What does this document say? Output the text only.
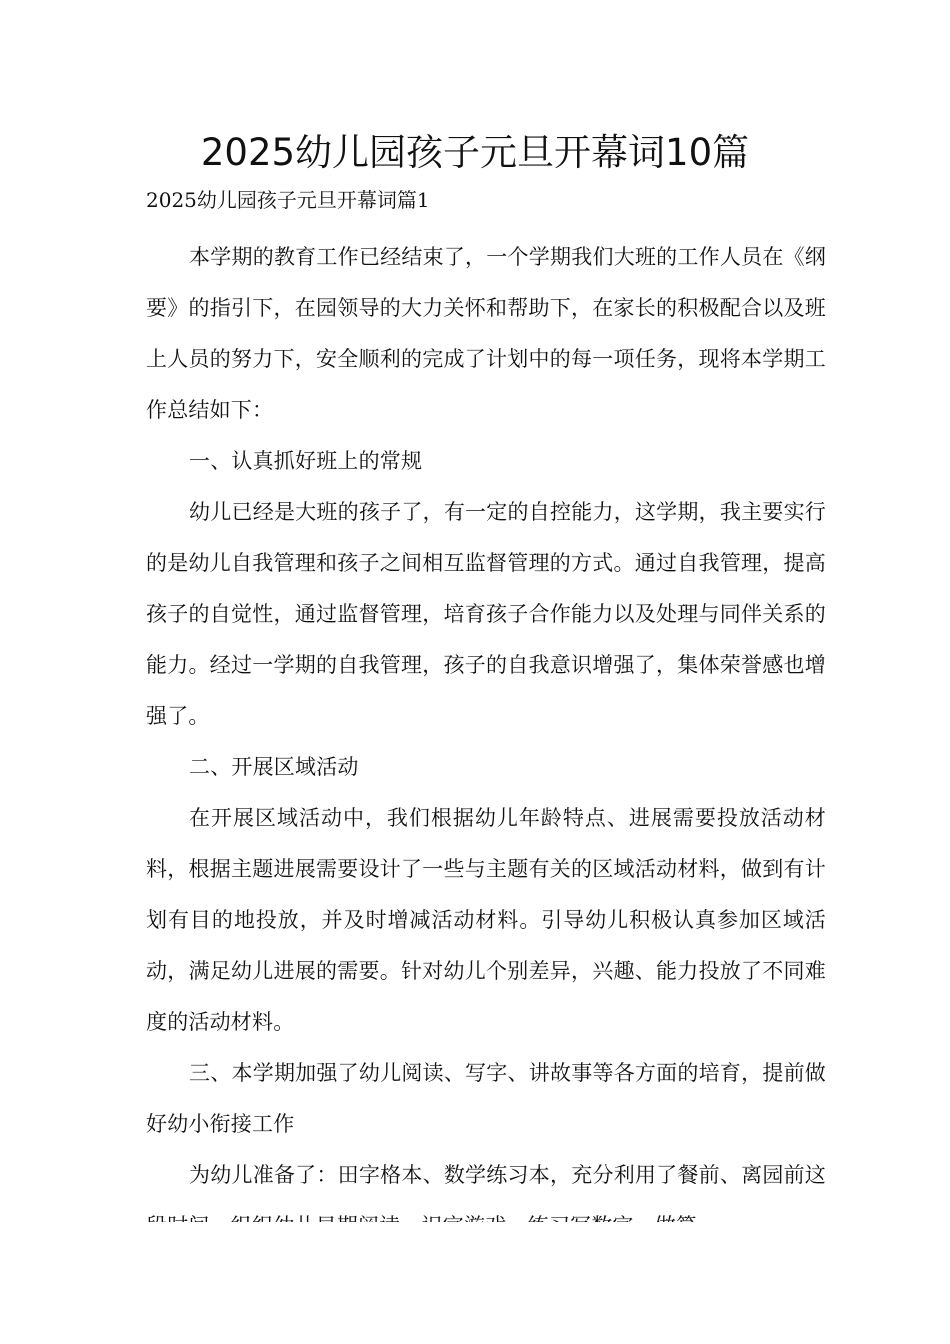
2025幼儿园孩子元旦开幕词10篇

2025幼儿园孩子元旦开幕词篇1

本学期的教育工作已经结束了，一个学期我们大班的工作人员在《纲要》的指引下，在园领导的大力关怀和帮助下，在家长的积极配合以及班上人员的努力下，安全顺利的完成了计划中的每一项任务，现将本学期工作总结如下：

一、认真抓好班上的常规

幼儿已经是大班的孩子了，有一定的自控能力，这学期，我主要实行的是幼儿自我管理和孩子之间相互监督管理的方式。通过自我管理，提高孩子的自觉性，通过监督管理，培育孩子合作能力以及处理与同伴关系的能力。经过一学期的自我管理，孩子的自我意识增强了，集体荣誉感也增强了。

二、开展区域活动

在开展区域活动中，我们根据幼儿年龄特点、进展需要投放活动材料，根据主题进展需要设计了一些与主题有关的区域活动材料，做到有计划有目的地投放，并及时增减活动材料。引导幼儿积极认真参加区域活动，满足幼儿进展的需要。针对幼儿个别差异，兴趣、能力投放了不同难度的活动材料。

三、本学期加强了幼儿阅读、写字、讲故事等各方面的培育，提前做好幼小衔接工作

为幼儿准备了：田字格本、数学练习本，充分利用了餐前、离园前这
